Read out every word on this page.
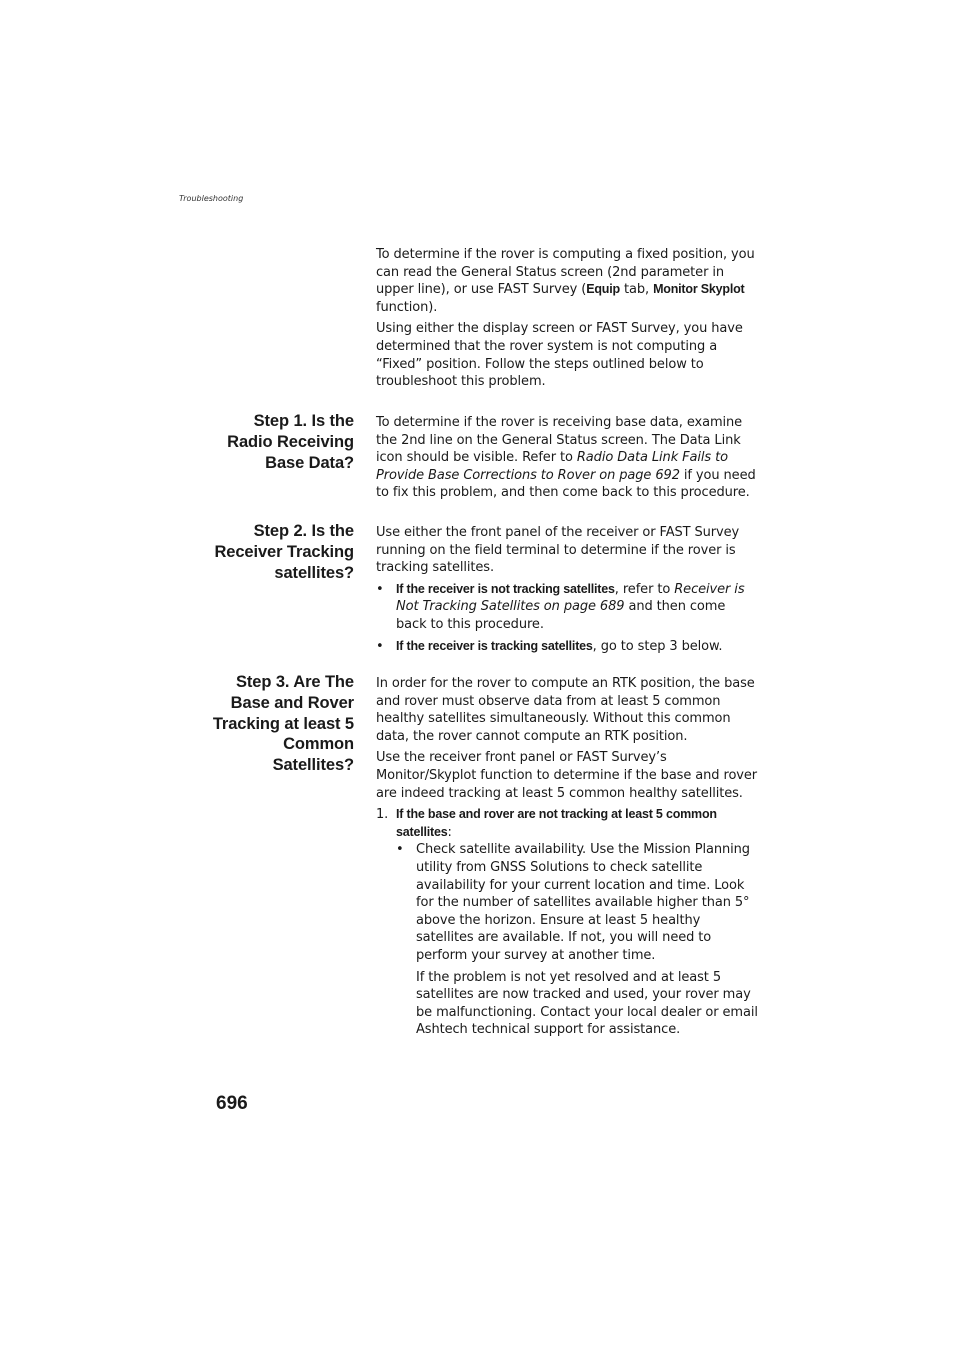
Troubleshooting

To determine if the rover is computing a fixed position, you can read the General Status screen (2nd parameter in upper line), or use FAST Survey (Equip tab, Monitor Skyplot function).

Using either the display screen or FAST Survey, you have determined that the rover system is not computing a “Fixed” position. Follow the steps outlined below to troubleshoot this problem.

Step 1. Is the
Radio Receiving
Base Data?

To determine if the rover is receiving base data, examine the 2nd line on the General Status screen. The Data Link icon should be visible. Refer to Radio Data Link Fails to Provide Base Corrections to Rover on page 692 if you need to fix this problem, and then come back to this procedure.

Step 2. Is the
Receiver Tracking
satellites?

Use either the front panel of the receiver or FAST Survey running on the field terminal to determine if the rover is tracking satellites.

• If the receiver is not tracking satellites, refer to Receiver is Not Tracking Satellites on page 689 and then come back to this procedure.
• If the receiver is tracking satellites, go to step 3 below.
Step 3. Are The
Base and Rover
Tracking at least 5
Common
Satellites?

In order for the rover to compute an RTK position, the base and rover must observe data from at least 5 common healthy satellites simultaneously. Without this common data, the rover cannot compute an RTK position.

Use the receiver front panel or FAST Survey’s Monitor/Skyplot function to determine if the base and rover are indeed tracking at least 5 common healthy satellites.

1. If the base and rover are not tracking at least 5 common satellites:
• Check satellite availability. Use the Mission Planning utility from GNSS Solutions to check satellite availability for your current location and time. Look for the number of satellites available higher than 5° above the horizon. Ensure at least 5 healthy satellites are available. If not, you will need to perform your survey at another time.
If the problem is not yet resolved and at least 5 satellites are now tracked and used, your rover may be malfunctioning. Contact your local dealer or email Ashtech technical support for assistance.
696
